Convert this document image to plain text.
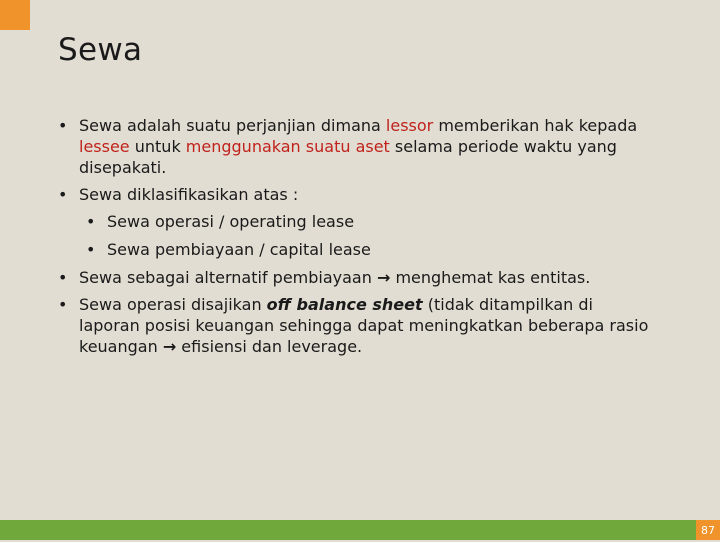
Sewa
• Sewa adalah suatu perjanjian dimana lessor memberikan hak kepada
lessee untuk menggunakan suatu aset selama periode waktu yang disepakati.
• Sewa diklasifikasikan atas :
• Sewa operasi / operating lease
• Sewa pembiayaan / capital lease
• Sewa sebagai alternatif pembiayaan → menghemat kas entitas.
• Sewa operasi disajikan off balance sheet (tidak ditampilkan di laporan posisi keuangan sehingga dapat meningkatkan beberapa rasio keuangan → efisiensi dan leverage.
87
